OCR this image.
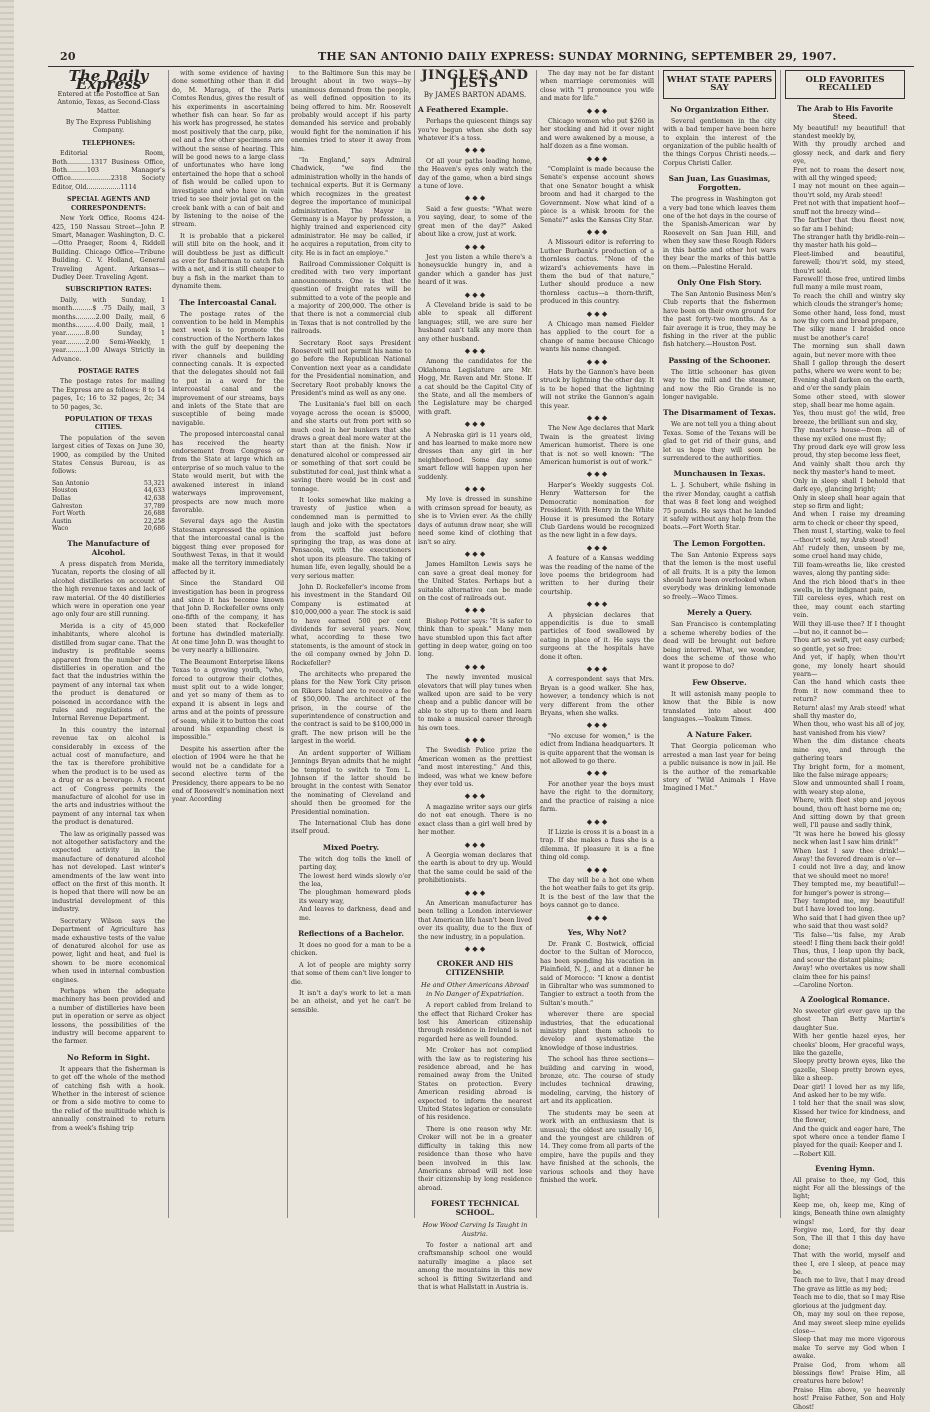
20	THE SAN ANTONIO DAILY EXPRESS: SUNDAY MORNING, SEPTEMBER 29, 1907.
The Daily Express

Entered at the Postoffice at San Antonio, Texas, as Second-Class Matter.

By The Express Publishing Company.

TELEPHONES:

Editorial Room, Both............1317 Business Office, Both..........103 Manager's Office....................2318 Society Editor, Old.................1114

SPECIAL AGENTS AND CORRESPONDENTS:

New York Office, Rooms 424-425, 150 Nassau Street—John P. Smart, Manager. Washington, D. C.—Otto Praeger, Room 4, Riddell Building. Chicago Office—Tribune Building. C. V. Holland, General Traveling Agent. Arkansas—Dudley Deer. Traveling Agent.

SUBSCRIPTION RATES:

Daily, with Sunday, 1 month..........$ .75 Daily, mail, 3 months..........2.00 Daily, mail, 6 months..........4.00 Daily, mail, 1 year..........8.00 Sunday, 1 year..........2.00 Semi-Weekly, 1 year..........1.00 Always Strictly in Advance.

POSTAGE RATES

The postage rates for mailing The Express are as follows: 8 to 14 pages, 1c; 16 to 32 pages, 2c; 34 to 50 pages, 3c.

POPULATION OF TEXAS CITIES.

The population of the seven largest cities of Texas on June 30, 1900, as compiled by the United States Census Bureau, is as follows:

San Antonio	53,321
Houston	44,633
Dallas	42,638
Galveston	37,789
Fort Worth	26,688
Austin	22,258
Waco	20,686
The Manufacture of Alcohol.

A press dispatch from Merida, Yucatan, reports the closing of all alcohol distilleries on account of the high revenue taxes and lack of raw material. Of the 40 distilleries which were in operation one year ago only four are still running.

Merida is a city of 45,000 inhabitants, where alcohol is distilled from sugar cane. That the industry is profitable seems apparent from the number of the distilleries in operation and the fact that the industries within the payment of any internal tax when the product is denatured or poisoned in accordance with the rules and regulations of the Internal Revenue Department.

In this country the internal revenue tax on alcohol is considerably in excess of the actual cost of manufacture, and the tax is therefore prohibitive when the product is to be used as a drug or as a beverage. A recent act of Congress permits the manufacture of alcohol for use in the arts and industries without the payment of any internal tax when the product is denatured.

The law as originally passed was not altogether satisfactory and the expected activity in the manufacture of denatured alcohol has not developed. Last winter's amendments of the law went into effect on the first of this month. It is hoped that there will now be an industrial development of this industry.

Secretary Wilson says the Department of Agriculture has made exhaustive tests of the value of denatured alcohol for use as power, light and heat, and fuel is shown to be more economical when used in internal combustion engines.

Perhaps when the adequate machinery has been provided and a number of distilleries have been put in operation or serve as object lessons, the possibilities of the industry will become apparent to the farmer.

No Reform in Sight.

It appears that the fisherman is to get off the whole of the method of catching fish with a hook. Whether in the interest of science or from a side motive to come to the relief of the multitude which is annually constrained to return from a week's fishing trip

with some evidence of having done something other than it did do, M. Maraga, of the Paris Comtes Rendus, gives the result of his experiments in ascertaining whether fish can hear. So far as his work has progressed, he states most positively that the carp, pike, eel and a few other specimens are without the sense of hearing. This will be good news to a large class of unfortunates who have long entertained the hope that a school of fish would be called upon to investigate and who have in vain tried to see their jovial get on the creek bank with a can of bait and by listening to the noise of the stream.

It is probable that a pickerel will still bite on the hook, and it will doubtless be just as difficult as ever for fisherman to catch fish with a net, and it is still cheaper to buy a fish in the market than to dynamite them.

The Intercoastal Canal.

The postage rates of the convention to be held in Memphis next week is to promote the construction of the Northern lakes with the gulf by deepening the river channels and building connecting canals. It is expected that the delegates should not fail to put in a word for the intercoastal canal and the improvement of our streams, bays and inlets of the State that are susceptible of being made navigable.

The proposed intercoastal canal has received the hearty endorsement from Congress or from the State at large which an enterprise of so much value to the State would merit, but with the awakened interest in inland waterways improvement, prospects are now much more favorable.

Several days ago the Austin Statesman expressed the opinion that the intercoastal canal is the biggest thing ever proposed for Southwest Texas, in that it would make all the territory immediately affected by it.

Since the Standard Oil investigation has been in progress and since it has become known that John D. Rockefeller owns only one-fifth of the company, it has been stated that Rockefeller fortune has dwindled materially. At one time John D. was thought to be very nearly a billionaire.

The Beaumont Enterprise likens Texas to a growing youth, "who, forced to outgrow their clothes, must split out to a wide longer, and yet so many of them as to expand it is absent in legs and arms and at the points of pressure of seam, while it to button the coat around his expanding chest is impossible."

Despite his assertion after the election of 1904 were he that he would not be a candidate for a second elective term of the Presidency, there appears to be no end of Roosevelt's nomination next year. According

to the Baltimore Sun this may be brought about in two ways—by unanimous demand from the people, as well defined opposition to its being offered to him. Mr. Roosevelt probably would accept if his party demanded his service and probably would fight for the nomination if his enemies tried to steer it away from him.

"In England," says Admiral Chadwick, "we find the administration wholly in the hands of technical experts. But it is Germany which recognizes in the greatest degree the importance of municipal administration. The Mayor in Germany is a Mayor by profession, a highly trained and experienced city administrator. He may be called, if he acquires a reputation, from city to city. He is in fact an employe."

Railroad Commissioner Colquitt is credited with two very important announcements. One is that the question of freight rates will be submitted to a vote of the people and a majority of 200,000. The other is that there is not a commercial club in Texas that is not controlled by the railroads.

Secretary Root says President Roosevelt will not permit his name to go before the Republican National Convention next year as a candidate for the Presidential nomination, and Secretary Root probably knows the President's mind as well as any one.

The Lusitania's fuel bill on each voyage across the ocean is $5000, and she starts out from port with so much coal in her bunkers that she draws a great deal more water at the start than at the finish. Now if denatured alcohol or compressed air or something of that sort could be substituted for coal, just think what a saving there would be in cost and tonnage.

It looks somewhat like making a travesty of justice when a condemned man is permitted to laugh and joke with the spectators from the scaffold just before springing the trap, as was done at Pensacola, with the executioners shot upon its pleasure. The taking of human life, even legally, should be a very serious matter.

John D. Rockefeller's income from his investment in the Standard Oil Company is estimated at $10,000,000 a year. The stock is said to have earned 500 per cent dividends for several years. Now, what, according to these two statements, is the amount of stock in the oil company owned by John D. Rockefeller?

The architects who prepared the plans for the New York City prison on Rikers Island are to receive a fee of $50,000. The architect of the prison, in the course of the superintendence of construction and the contract is said to be $100,000 in graft. The new prison will be the largest in the world.

An ardent supporter of William Jennings Bryan admits that he might be tempted to switch to Tom L. Johnson if the latter should be brought in the contest with Senator the nominating of Cleveland and should then be groomed for the Presidential nomination.

The International Club has done itself proud.

Mixed Poetry.

The witch dog tolls the knell of parting day,

The lowest herd winds slowly o'er the lea,

The ploughman homeward plods its weary way,

And leaves to darkness, dead and me.

Reflections of a Bachelor.

It does no good for a man to be a chicken.

A lot of people are mighty sorry that some of them can't live longer to die.

It isn't a day's work to let a man be an atheist, and yet he can't be sensible.

JINGLES AND JESTS
By JAMES BARTON ADAMS.
A Feathered Example.

Perhaps the quiescent things say you've begun when she doth say whatever it's a toss.

◆ ◆ ◆

Of all your paths leading home, the Heaven's eyes only watch the day of the game, when a bird sings a tune of love.

◆ ◆ ◆

Said a few guests: "What were you saying, dear, to some of the great men of the day?" Asked about like a crow, just at work.

◆ ◆ ◆

Jest you listen a while there's a honeysuckle hungry in, and a gander which a gander has just heard of it was.

◆ ◆ ◆

A Cleveland bride is said to be able to speak all different languages; still, we are sure her husband can't talk any more than any other husband.

◆ ◆ ◆

Among the candidates for the Oklahoma Legislature are Mr. Hogg, Mr. Raven and Mr. Stone. If a cat should be the Capitol City of the State, and all the members of the Legislature may be charged with graft.

◆ ◆ ◆

A Nebraska girl is 11 years old, and has learned to make more new dresses than any girl in her neighborhood. Some day some smart fellow will happen upon her suddenly.

◆ ◆ ◆

My love is dressed in sunshine with crimson spread for beauty, as she is to Vivien ever. As the chilly days of autumn draw near, she will need some kind of clothing that isn't so airy.

◆ ◆ ◆

James Hamilton Lewis says he can save a great deal money for the United States. Perhaps but a suitable alternative can be made on the cost of railroads out.

◆ ◆ ◆

Bishop Potter says: "It is safer to think than to speak." Many men have stumbled upon this fact after getting in deep water, going on too long.

◆ ◆ ◆

The newly invented musical elevators that will play tunes when walked upon are said to be very cheap and a public dancer will be able to step up to them and learn to make a musical career through his own toes.

◆ ◆ ◆

The Swedish Police prize the American women as the prettiest "and most interesting." And this, indeed, was what we knew before they ever told us.

◆ ◆ ◆

A magazine writer says our girls do not eat enough. There is no exact class than a girl well bred by her mother.

◆ ◆ ◆

A Georgia woman declares that the earth is about to dry up. Would that the same could be said of the prohibitionists.

◆ ◆ ◆

An American manufacturer has been telling a London interviewer that American life hasn't been lived over its quality, due to the flux of the new industry, in a population.

◆ ◆ ◆
CROKER AND HIS CITIZENSHIP.
He and Other Americans Abroad in No Danger of Expatriation.

A report cabled from Ireland to the effect that Richard Croker has lost his American citizenship through residence in Ireland is not regarded here as well founded.

Mr. Croker has not complied with the law as to registering his residence abroad, and he has remained away from the United States on protection. Every American residing abroad is expected to inform the nearest United States legation or consulate of his residence.

There is one reason why Mr. Croker will not be in a greater difficulty in taking this new residence than those who have been involved in this law. Americans abroad will not lose their citizenship by long residence abroad.

FOREST TECHNICAL SCHOOL.
How Wood Carving Is Taught in Austria.

To foster a national art and craftsmanship school one would naturally imagine a place set among the mountains in this new school is fitting Switzerland and that is what Hallstatt in Austria is.

The day may not be far distant when marriage ceremonies will close with "I pronounce you wife and mate for life."

◆ ◆ ◆

Chicago women who put $260 in her stocking and hid it over night and were awakened by a mouse, a half dozen as a fine woman.

◆ ◆ ◆

"Complaint is made because the Senate's expense account shows that one Senator bought a whisk broom and had it charged to the Government. Now what kind of a piece is a whisk broom for the Senate?" asks the Kansas City Star.

◆ ◆ ◆

A Missouri editor is referring to Luther Burbank's production of a thornless cactus. "None of the wizard's achievements have in them the bud of that nature," Luther should produce a new thornless cactus—a thorn-thrift, produced in this country.

◆ ◆ ◆

A Chicago man named Fielder has applied to the court for a change of name because Chicago wants his name changed.

◆ ◆ ◆

Hats by the Gannon's have been struck by lightning the other day. It is to be hoped that the lightning will not strike the Gannon's again this year.

◆ ◆ ◆

The New Age declares that Mark Twain is the greatest living American humorist. There is one that is not so well known: "The American humorist is out of work."

◆ ◆ ◆

Harper's Weekly suggests Col. Henry Watterson for the Democratic nomination for President. With Henry in the White House it is presumed the Rotary Club Gardens would be recognized as the new light in a few days.

◆ ◆ ◆

A feature of a Kansas wedding was the reading of the name of the love poems the bridegroom had written to her during their courtship.

◆ ◆ ◆

A physician declares that appendicitis is due to small particles of food swallowed by eating in place of it. He says the surgeons at the hospitals have done it often.

◆ ◆ ◆

A correspondent says that Mrs. Bryan is a good walker. She has, however, a tendency which is not very different from the other Bryans, when she walks.

◆ ◆ ◆

"No excuse for women," is the edict from Indiana headquarters. It is quite apparent that the woman is not allowed to go there.

◆ ◆ ◆

For another year the boys must have the right to the dormitory, and the practice of raising a nice farm.

◆ ◆ ◆

If Lizzie is cross it is a boast in a trap. If she makes a fuss she is a dilemma. If pleasure it is a fine thing old comp.

◆ ◆ ◆

The day will be a hot one when the hot weather fails to get its grip. It is the best of the law that the boys cannot go to dance.

◆ ◆ ◆
Yes, Why Not?

Dr. Frank C. Bostwick, official doctor to the Sultan of Morocco, has been spending his vacation in Plainfield, N. J., and at a dinner he said of Morocco: "I know a dentist in Gibraltar who was summoned to Tangier to extract a tooth from the Sultan's mouth."

wherever there are special industries, that the educational ministry plant them schools to develop and systematize the knowledge of those industries.

The school has three sections—building and carving in wood, bronze, etc. The course of study includes technical drawing, modeling, carving, the history of art and its application.

The students may be seen at work with an enthusiasm that is unusual; the oldest are usually 16, and the youngest are children of 14. They come from all parts of the empire, have the pupils and they have finished at the schools, the various schools and they have finished the work.

WHAT STATE PAPERS SAY
No Organization Either.

Several gentlemen in the city with a bad temper have been here to explain the interest of the organization of the public health of the things Corpus Christi needs.—Corpus Christi Caller.

San Juan, Las Guasimas, Forgotten.

The progress in Washington got a very bad tone which leaves them one of the hot days in the course of the Spanish-American war by Roosevelt on San Juan Hill, and when they saw these Rough Riders in this battle and other hot wars they bear the marks of this battle on them.—Palestine Herald.

Only One Fish Story.

The San Antonio Business Men's Club reports that the fishermen have been on their own ground for the past forty-two months. As a fair average it is true, they may be fishing in the river at the public fish hatchery.—Houston Post.

Passing of the Schooner.

The little schooner has given way to the mill and the steamer, and now the Rio Grande is no longer navigable.

The Disarmament of Texas.

We are not tell you a thing about Texas. Some of the Texans will be glad to get rid of their guns, and let us hope they will soon be surrendered to the authorities.

Munchausen in Texas.

L. J. Schubert, while fishing in the river Monday, caught a catfish that was 8 feet long and weighed 75 pounds. He says that he landed it safely without any help from the boats.—Fort Worth Star.

The Lemon Forgotten.

The San Antonio Express says that the lemon is the most useful of all fruits. It is a pity the lemon should have been overlooked when everybody was drinking lemonade so freely.—Waco Times.

Merely a Query.

San Francisco is contemplating a scheme whereby bodies of the dead will be brought out before being interred. What, we wonder, does the scheme of those who want it propose to do?

Few Observe.

It will astonish many people to know that the Bible is now translated into about 400 languages.—Yoakum Times.

A Nature Faker.

That Georgia policeman who arrested a man last year for being a public nuisance is now in jail. He is the author of the remarkable story of "Wild Animals I Have Imagined I Met."

OLD FAVORITES RECALLED
The Arab to His Favorite Steed.

My beautiful! my beautiful! that standest meekly by,

With thy proudly arched and glossy neck, and dark and fiery eye,

Fret not to roam the desert now, with all thy winged speed;

I may not mount on thee again—thou'rt sold, my Arab steed!

Fret not with that impatient hoof—snuff not the breezy wind—

The farther that thou fleest now, so far am I behind;

The stranger hath thy bridle-rein—thy master hath his gold—

Fleet-limbed and beautiful, farewell; thou'rt sold, my steed, thou'rt sold.

Farewell! those free, untired limbs full many a mile must roam,

To reach the chill and wintry sky which clouds the stranger's home;

Some other hand, less fond, must now thy corn and bread prepare,

The silky mane I braided once must be another's care!

The morning sun shall dawn again, but never more with thee

Shall I gallop through the desert paths, where we were wont to be;

Evening shall darken on the earth, and o'er the sandy plain

Some other steed, with slower step, shall bear me home again.

Yes, thou must go! the wild, free breeze, the brilliant sun and sky,

Thy master's house—from all of these my exiled one must fly;

Thy proud dark eye will grow less proud, thy step become less fleet,

And vainly shalt thou arch thy neck thy master's hand to meet.

Only in sleep shall I behold that dark eye, glancing bright;

Only in sleep shall hear again that step so firm and light;

And when I raise my dreaming arm to check or cheer thy speed,

Then must I, starting, wake to feel—thou'rt sold, my Arab steed!

Ah! rudely then, unseen by me, some cruel hand may chide,

Till foam-wreaths lie, like crested waves, along thy panting side:

And the rich blood that's in thee swells, in thy indignant pain,

Till careless eyes, which rest on thee, may count each starting vein.

Will they ill-use thee? If I thought—but no, it cannot be—

Thou art so swift, yet easy curbed; so gentle, yet so free:

And yet, if haply, when thou'rt gone, my lonely heart should yearn—

Can the hand which casts thee from it now command thee to return?

Return! alas! my Arab steed! what shall thy master do,

When thou, who wast his all of joy, hast vanished from his view?

When the dim distance cheats mine eye, and through the gathering tears

Thy bright form, for a moment, like the false mirage appears;

Slow and unmounted shall I roam, with weary step alone,

Where, with fleet step and joyous bound, thou oft hast borne me on;

And sitting down by that green well, I'll pause and sadly think,

"It was here he bowed his glossy neck when last I saw him drink!"

When last I saw thee drink!—Away! the fevered dream is o'er—

I could not live a day, and know that we should meet no more!

They tempted me, my beautiful!—for hunger's power is strong—

They tempted me, my beautiful! but I have loved too long.

Who said that I had given thee up? who said that thou wast sold?

'Tis false—'tis false, my Arab steed! I fling them back their gold!

Thus, thus, I leap upon thy back, and scour the distant plains;

Away! who overtakes us now shall claim thee for his pains!

—Caroline Norton.

A Zoological Romance.

No sweeter girl ever gave up the ghost Than Betty Martin's daughter Sue.

With her gentle hazel eyes, her cheeks' bloom, Her graceful ways, like the gazelle,

Sleepy pretty brown eyes, like the gazelle, Sleep pretty brown eyes, like a sheep.

Dear girl! I loved her as my life, And asked her to be my wife.

I told her that the snail was slow, Kissed her twice for kindness, and the flower,

And the quick and eager hare, The spot where once a tender flame I played for the quail: Keeper and I.

—Robert Kill.

Evening Hymn.

All praise to thee, my God, this night For all the blessings of the light;

Keep me, oh, keep me, King of kings, Beneath thine own almighty wings!

Forgive me, Lord, for thy dear Son, The ill that I this day have done;

That with the world, myself and thee I, ere I sleep, at peace may be.

Teach me to live, that I may dread The grave as little as my bed;

Teach me to die, that so I may Rise glorious at the judgment day.

Oh, may my soul on thee repose, And may sweet sleep mine eyelids close—

Sleep that may me more vigorous make To serve my God when I awake.

Praise God, from whom all blessings flow! Praise Him, all creatures here below!

Praise Him above, ye heavenly host! Praise Father, Son and Holy Ghost!
